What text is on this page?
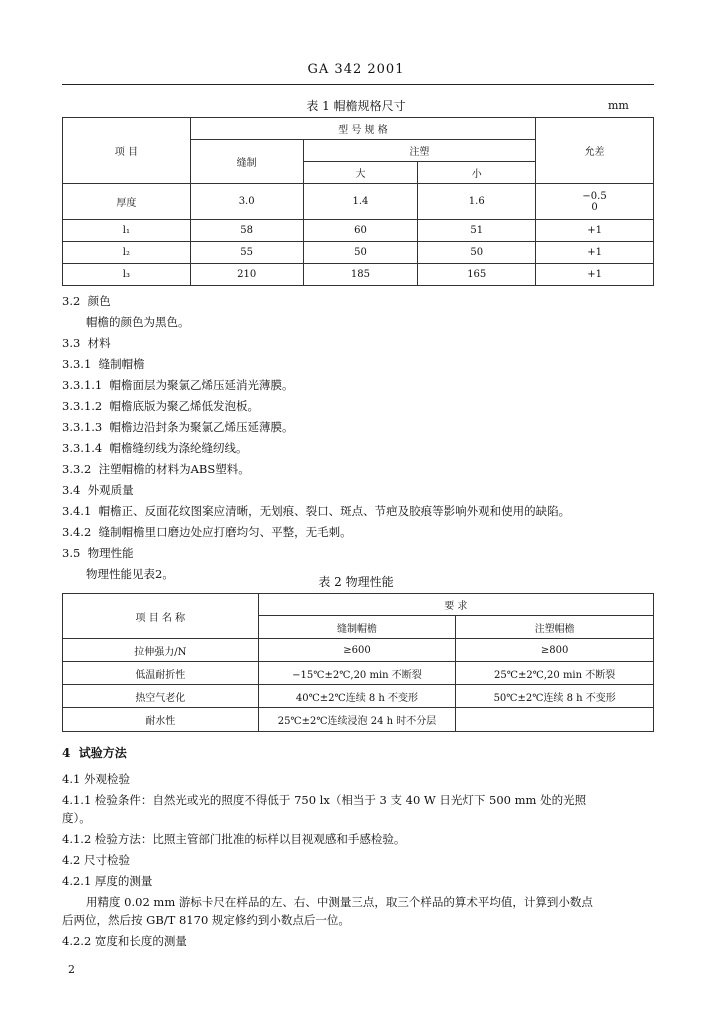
GA 342 2001
表 1 帽檐规格尺寸	mm
项 目	型 号 规 格			允差
	缝制	注塑		
		大	小	
厚度	3.0	1.4	1.6	−0.5
0

l₁	58	60	51	+1
l₂	55	50	50	+1
l₃	210	185	165	+1
3.2 颜色
帽檐的颜色为黑色。
3.3 材料
3.3.1 缝制帽檐
3.3.1.1 帽檐面层为聚氯乙烯压延消光薄膜。
3.3.1.2 帽檐底版为聚乙烯低发泡板。
3.3.1.3 帽檐边沿封条为聚氯乙烯压延薄膜。
3.3.1.4 帽檐缝纫线为涤纶缝纫线。
3.3.2 注塑帽檐的材料为ABS塑料。
3.4 外观质量
3.4.1 帽檐正、反面花纹图案应清晰，无划痕、裂口、斑点、节疤及胶痕等影响外观和使用的缺陷。
3.4.2 缝制帽檐里口磨边处应打磨均匀、平整，无毛刺。
3.5 物理性能
物理性能见表2。
表 2 物理性能
项 目 名 称	要 求	
	缝制帽檐	注塑帽檐
拉伸强力/N	≥600	≥800
低温耐折性	−15℃±2℃,20 min 不断裂	25℃±2℃,20 min 不断裂
热空气老化	40℃±2℃连续 8 h 不变形	50℃±2℃连续 8 h 不变形
耐水性	25℃±2℃连续浸泡 24 h 时不分层	
4 试验方法
4.1 外观检验
4.1.1 检验条件：自然光或光的照度不得低于 750 lx（相当于 3 支 40 W 日光灯下 500 mm 处的光照
度）。
4.1.2 检验方法：比照主管部门批准的标样以目视观感和手感检验。
4.2 尺寸检验
4.2.1 厚度的测量
用精度 0.02 mm 游标卡尺在样品的左、右、中测量三点，取三个样品的算术平均值，计算到小数点
后两位，然后按 GB/T 8170 规定修约到小数点后一位。
4.2.2 宽度和长度的测量
2
